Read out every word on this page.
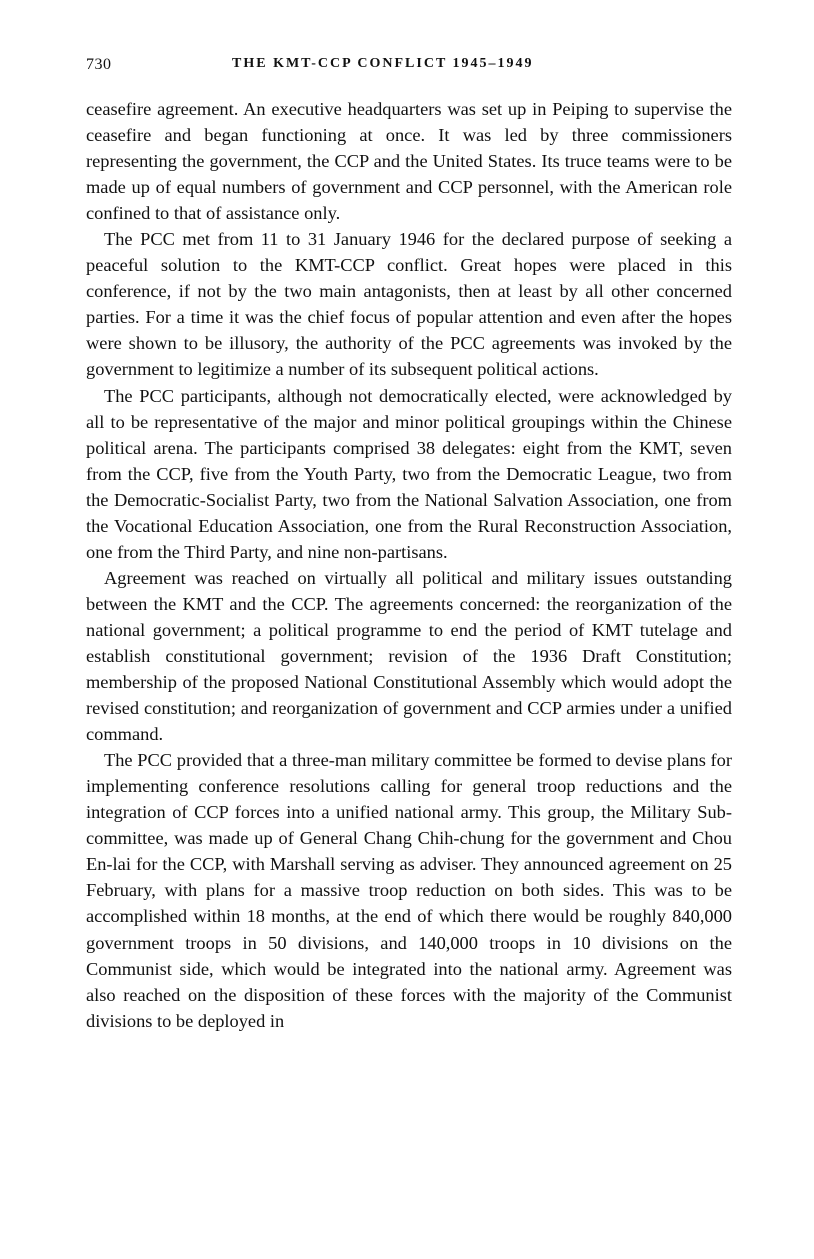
730	THE KMT-CCP CONFLICT 1945–1949

ceasefire agreement. An executive headquarters was set up in Peiping to supervise the ceasefire and began functioning at once. It was led by three commissioners representing the government, the CCP and the United States. Its truce teams were to be made up of equal numbers of government and CCP personnel, with the American role confined to that of assistance only.

The PCC met from 11 to 31 January 1946 for the declared purpose of seeking a peaceful solution to the KMT-CCP conflict. Great hopes were placed in this conference, if not by the two main antagonists, then at least by all other concerned parties. For a time it was the chief focus of popular attention and even after the hopes were shown to be illusory, the authority of the PCC agreements was invoked by the government to legitimize a number of its subsequent political actions.

The PCC participants, although not democratically elected, were acknowledged by all to be representative of the major and minor political groupings within the Chinese political arena. The participants comprised 38 delegates: eight from the KMT, seven from the CCP, five from the Youth Party, two from the Democratic League, two from the Democratic-Socialist Party, two from the National Salvation Association, one from the Vocational Education Association, one from the Rural Reconstruction Association, one from the Third Party, and nine non-partisans.

Agreement was reached on virtually all political and military issues outstanding between the KMT and the CCP. The agreements concerned: the reorganization of the national government; a political programme to end the period of KMT tutelage and establish constitutional government; revision of the 1936 Draft Constitution; membership of the proposed National Constitutional Assembly which would adopt the revised constitution; and reorganization of government and CCP armies under a unified command.

The PCC provided that a three-man military committee be formed to devise plans for implementing conference resolutions calling for general troop reductions and the integration of CCP forces into a unified national army. This group, the Military Sub-committee, was made up of General Chang Chih-chung for the government and Chou En-lai for the CCP, with Marshall serving as adviser. They announced agreement on 25 February, with plans for a massive troop reduction on both sides. This was to be accomplished within 18 months, at the end of which there would be roughly 840,000 government troops in 50 divisions, and 140,000 troops in 10 divisions on the Communist side, which would be integrated into the national army. Agreement was also reached on the disposition of these forces with the majority of the Communist divisions to be deployed in
